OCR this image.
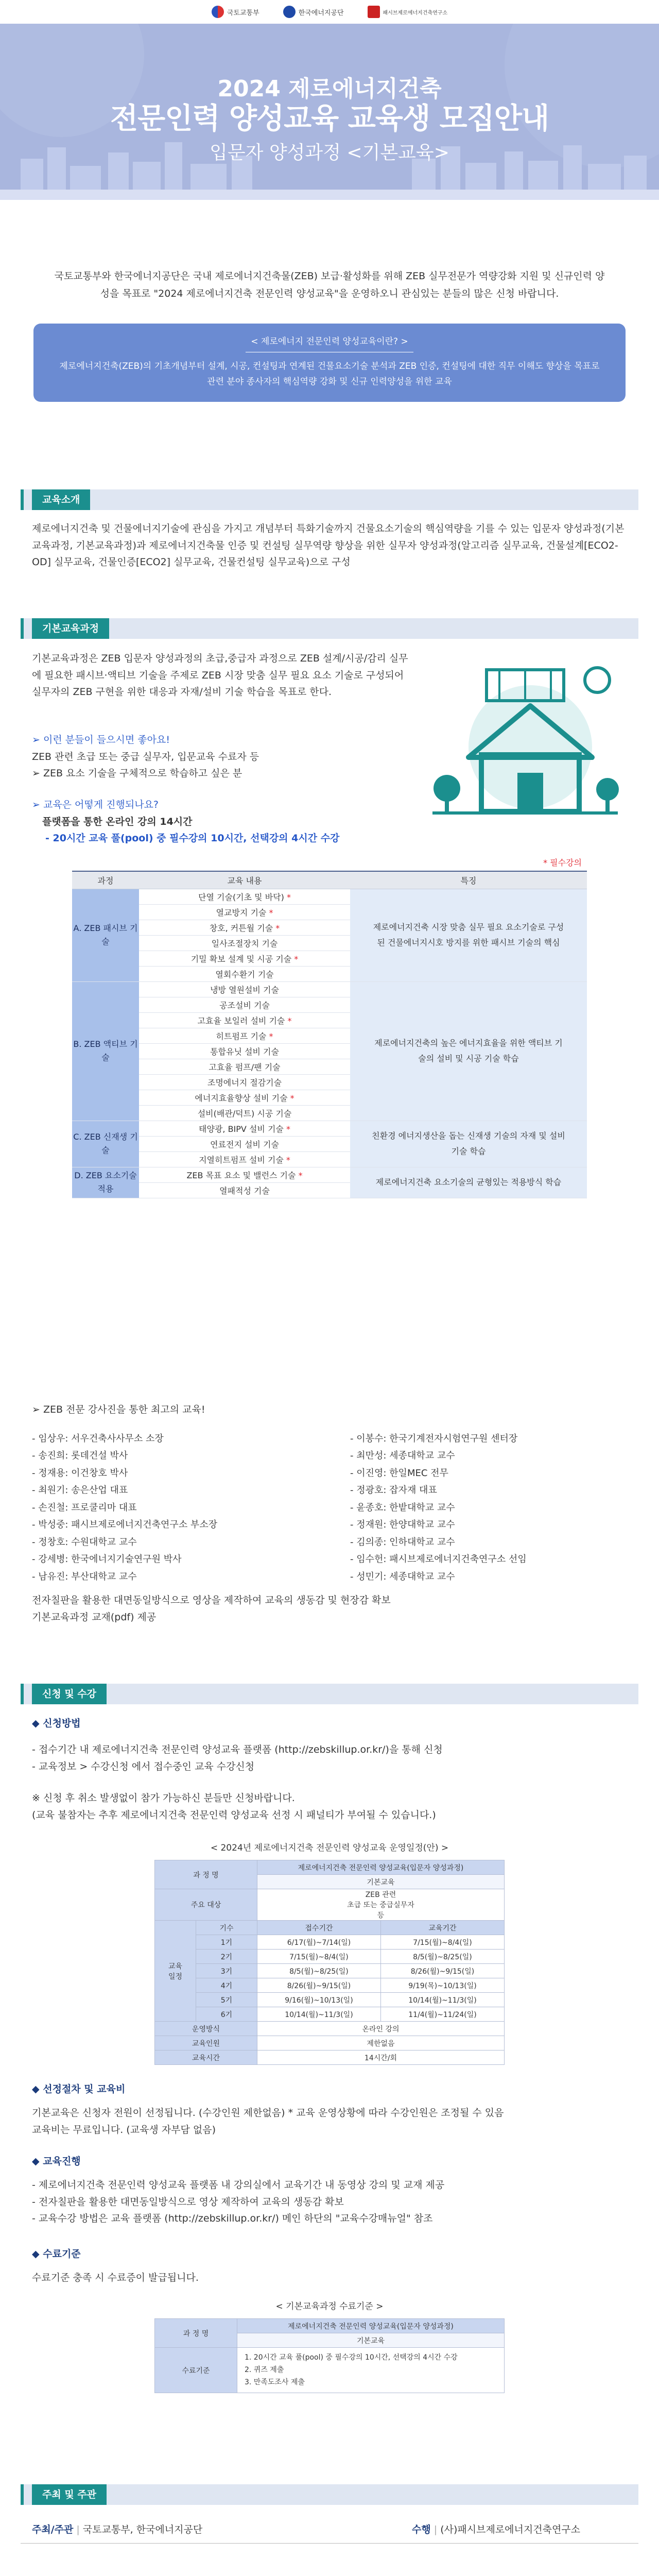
국토교통부	한국에너지공단	패시브제로에너지건축연구소
2024 제로에너지건축
전문인력 양성교육 교육생 모집안내
입문자 양성과정 <기본교육>
국토교통부와 한국에너지공단은 국내 제로에너지건축물(ZEB) 보급·활성화를 위해 ZEB 실무전문가 역량강화 지원 및 신규인력 양성을 목표로 "2024 제로에너지건축 전문인력 양성교육"을 운영하오니 관심있는 분들의 많은 신청 바랍니다.
< 제로에너지 전문인력 양성교육이란? >

제로에너지건축(ZEB)의 기초개념부터 설계, 시공, 컨설팅과 연계된 건물요소기술 분석과 ZEB 인증, 컨설팅에 대한 직무 이해도 향상을 목표로 관련 분야 종사자의 핵심역량 강화 및 신규 인력양성을 위한 교육

교육소개
제로에너지건축 및 건물에너지기술에 관심을 가지고 개념부터 특화기술까지 건물요소기술의 핵심역량을 기를 수 있는 입문자 양성과정(기본교육과정, 기본교육과정)과 제로에너지건축물 인증 및 컨설팅 실무역량 향상을 위한 실무자 양성과정(알고리즘 실무교육, 건물설계[ECO2-OD] 실무교육, 건물인증[ECO2] 실무교육, 건물컨설팅 실무교육)으로 구성
기본교육과정
기본교육과정은 ZEB 입문자 양성과정의 초급,중급자 과정으로 ZEB 설계/시공/감리 실무에 필요한 패시브·액티브 기술을 주제로 ZEB 시장 맞춤 실무 필요 요소 기술로 구성되어 실무자의 ZEB 구현을 위한 대응과 자재/설비 기술 학습을 목표로 한다.
➢ 이런 분들이 들으시면 좋아요!
ZEB 관련 초급 또는 중급 실무자, 입문교육 수료자 등
➢ ZEB 요소 기술을 구체적으로 학습하고 싶은 분
➢ 교육은 어떻게 진행되나요?
플랫폼을 통한 온라인 강의 14시간
- 20시간 교육 풀(pool) 중 필수강의 10시간, 선택강의 4시간 수강
* 필수강의
과정	교육 내용	특징
A. ZEB 패시브 기술	단열 기술(기초 및 바닥) *	제로에너지건축 시장 맞춤 실무 필요 요소기술로 구성된 건물에너지시호 방지를 위한 패시브 기술의 핵심
	열교방지 기술 *	
	창호, 커튼월 기술 *	
	일사조절장치 기술	
	기밀 확보 설계 및 시공 기술 *	
	열회수환기 기술	
B. ZEB 액티브 기술	냉방 열원설비 기술	제로에너지건축의 높은 에너지효율을 위한 액티브 기술의 설비 및 시공 기술 학습
	공조설비 기술	
	고효율 보일러 설비 기술 *	
	히트펌프 기술 *	
	통합유닛 설비 기술	
	고효율 펌프/팬 기술	
	조명에너지 절감기술	
	에너지효율향상 설비 기술 *	
	설비(배관/덕트) 시공 기술	
C. ZEB 신재생 기술	태양광, BIPV 설비 기술 *	친환경 에너지생산을 돕는 신재생 기술의 자재 및 설비 기술 학습
	연료전지 설비 기술	
	지열히트펌프 설비 기술 *	
D. ZEB 요소기술 적용	ZEB 목표 요소 및 밸런스 기술 *	제로에너지건축 요소기술의 균형있는 적용방식 학습
	열패적성 기술	
➢ ZEB 전문 강사진을 통한 최고의 교육!
- 임상우: 서우건축사사무소 소장
- 송진희: 롯데건설 박사
- 정재용: 이건창호 박사
- 최원기: 송은산업 대표
- 손진철: 프로쿨리마 대표
- 박성중: 패시브제로에너지건축연구소 부소장
- 정창호: 수원대학교 교수
- 강세병: 한국에너지기술연구원 박사
- 남유진: 부산대학교 교수
- 이봉수: 한국기계전자시험연구원 센터장
- 최만성: 세종대학교 교수
- 이진영: 한일MEC 전무
- 정광호: 잡자재 대표
- 윤종호: 한밭대학교 교수
- 정재원: 한양대학교 교수
- 김의종: 인하대학교 교수
- 임수헌: 패시브제로에너지건축연구소 선임
- 성민기: 세종대학교 교수
전자칠판을 활용한 대면동일방식으로 영상을 제작하여 교육의 생동감 및 현장감 확보
기본교육과정 교재(pdf) 제공
신청 및 수강
◆ 신청방법
- 접수기간 내 제로에너지건축 전문인력 양성교육 플랫폼 (http://zebskillup.or.kr/)을 통해 신청
- 교육정보 > 수강신청 에서 접수중인 교육 수강신청
※ 신청 후 취소 발생없이 참가 가능하신 분들만 신청바랍니다.
(교육 불참자는 추후 제로에너지건축 전문인력 양성교육 선정 시 패널티가 부여될 수 있습니다.)
< 2024년 제로에너지건축 전문인력 양성교육 운영일정(안) >
과 정 명		제로에너지건축 전문인력 양성교육(입문자 양성과정)	
		기본교육	
주요 대상		ZEB 관련
초급 또는 중급실무자
등	
교육
일정	기수	접수기간	교육기간
	1기	6/17(월)~7/14(일)	7/15(월)~8/4(일)
	2기	7/15(월)~8/4(일)	8/5(월)~8/25(일)
	3기	8/5(월)~8/25(일)	8/26(월)~9/15(일)
	4기	8/26(월)~9/15(일)	9/19(목)~10/13(일)
	5기	9/16(월)~10/13(일)	10/14(월)~11/3(일)
	6기	10/14(월)~11/3(일)	11/4(월)~11/24(일)
운영방식		온라인 강의	
교육인원		제한없음	
교육시간		14시간/회	
◆ 선정절차 및 교육비
기본교육은 신청자 전원이 선정됩니다. (수강인원 제한없음) * 교육 운영상황에 따라 수강인원은 조정될 수 있음
교육비는 무료입니다. (교육생 자부담 없음)
◆ 교육진행
- 제로에너지건축 전문인력 양성교육 플랫폼 내 강의실에서 교육기간 내 동영상 강의 및 교재 제공
- 전자칠판을 활용한 대면동일방식으로 영상 제작하여 교육의 생동감 확보
- 교육수강 방법은 교육 플랫폼 (http://zebskillup.or.kr/) 메인 하단의 "교육수강매뉴얼" 참조
◆ 수료기준
수료기준 충족 시 수료증이 발급됩니다.
< 기본교육과정 수료기준 >
과 정 명	제로에너지건축 전문인력 양성교육(입문자 양성과정)
	기본교육
수료기준	1. 20시간 교육 풀(pool) 중 필수강의 10시간, 선택강의 4시간 수강
2. 퀴즈 제출
3. 만족도조사 제출
주최 및 주관
주최/주관 | 국토교통부, 한국에너지공단	수행 | (사)패시브제로에너지건축연구소
